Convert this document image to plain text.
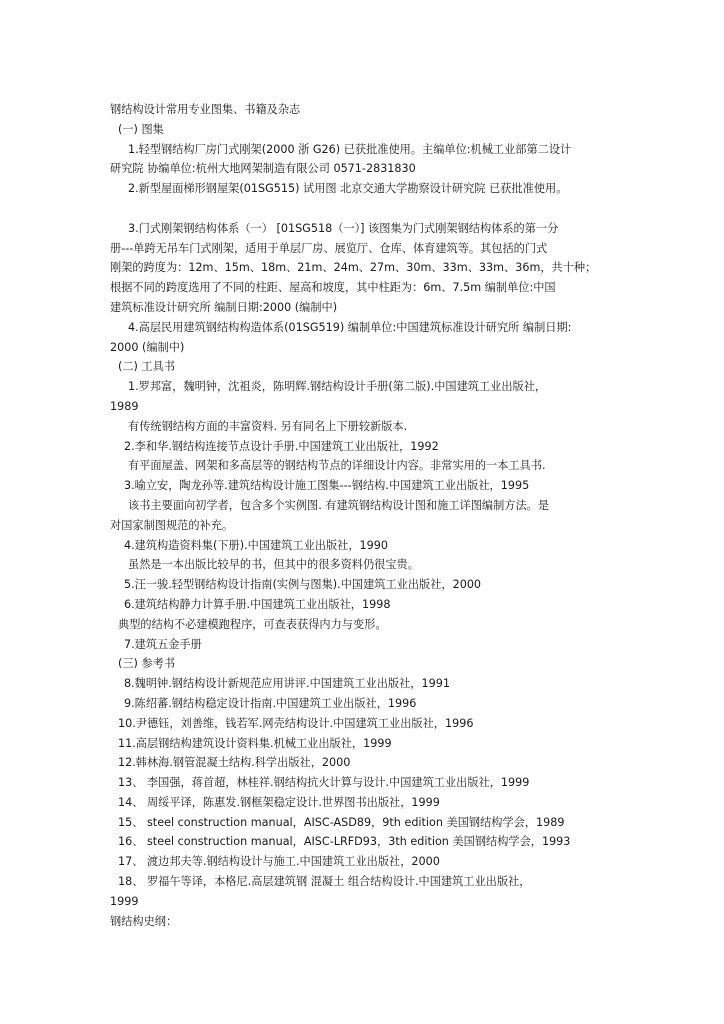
钢结构设计常用专业图集、书籍及杂志
(一) 图集
1.轻型钢结构厂房门式刚架(2000 浙 G26) 已获批准使用。主编单位:机械工业部第二设计
研究院 协编单位:杭州大地网架制造有限公司 0571-2831830
2.新型屋面梯形钢屋架(01SG515) 试用图 北京交通大学勘察设计研究院 已获批准使用。
3.门式刚架钢结构体系（一） [01SG518（一）] 该图集为门式刚架钢结构体系的第一分
册---单跨无吊车门式刚架，适用于单层厂房、展览厅、仓库、体育建筑等。其包括的门式
刚架的跨度为：12m、15m、18m、21m、24m、27m、30m、33m、33m、36m，共十种；
根据不同的跨度选用了不同的柱距、屋高和坡度，其中柱距为：6m、7.5m 编制单位:中国
建筑标准设计研究所 编制日期:2000 (编制中)
4.高层民用建筑钢结构构造体系(01SG519) 编制单位:中国建筑标准设计研究所 编制日期:
2000 (编制中)
(二) 工具书
1.罗邦富，魏明钟，沈祖炎，陈明辉.钢结构设计手册(第二版).中国建筑工业出版社，
1989
有传统钢结构方面的丰富资料. 另有同名上下册较新版本.
2.李和华.钢结构连接节点设计手册.中国建筑工业出版社，1992
有平面屋盖、网架和多高层等的钢结构节点的详细设计内容。非常实用的一本工具书.
3.喻立安，陶龙孙等.建筑结构设计施工图集---钢结构.中国建筑工业出版社，1995
该书主要面向初学者，包含多个实例图. 有建筑钢结构设计图和施工详图编制方法。是
对国家制图规范的补充。
4.建筑构造资料集(下册).中国建筑工业出版社，1990
虽然是一本出版比较早的书，但其中的很多资料仍很宝贵。
5.汪一骏.轻型钢结构设计指南(实例与图集).中国建筑工业出版社，2000
6.建筑结构静力计算手册.中国建筑工业出版社，1998
典型的结构不必建模跑程序，可查表获得内力与变形。
7.建筑五金手册
(三) 参考书
8.魏明钟.钢结构设计新规范应用讲评.中国建筑工业出版社，1991
9.陈绍蕃.钢结构稳定设计指南.中国建筑工业出版社，1996
10.尹德钰，刘善维，钱若军.网壳结构设计.中国建筑工业出版社，1996
11.高层钢结构建筑设计资料集.机械工业出版社，1999
12.韩林海.钢管混凝土结构.科学出版社，2000
13、 李国强，蒋首超，林桂祥.钢结构抗火计算与设计.中国建筑工业出版社，1999
14、 周绥平译，陈惠发.钢框架稳定设计.世界图书出版社，1999
15、 steel construction manual，AISC-ASD89，9th edition 美国钢结构学会，1989
16、 steel construction manual，AISC-LRFD93，3th edition 美国钢结构学会，1993
17、 渡边邦夫等.钢结构设计与施工.中国建筑工业出版社，2000
18、 罗福午等译，本格尼.高层建筑钢 混凝土 组合结构设计.中国建筑工业出版社，
1999
钢结构史纲：
